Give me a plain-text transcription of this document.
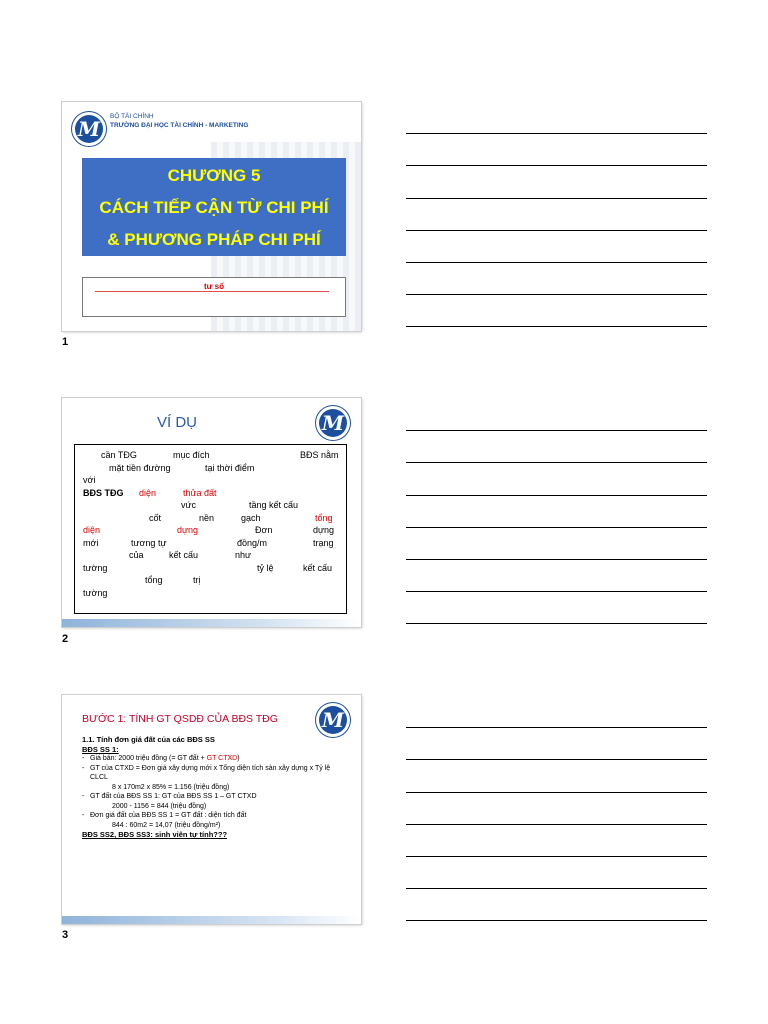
M
BỘ TÀI CHÍNH
TRƯỜNG ĐẠI HỌC TÀI CHÍNH - MARKETING
CHƯƠNG 5
CÁCH TIẾP CẬN TỪ CHI PHÍ
& PHƯƠNG PHÁP CHI PHÍ
tư số
1
VÍ DỤ	M
cần TĐG	mục đích	BĐS nằm
mặt tiền đường	tại thời điểm
với
BĐS TĐG diện	thửa đất
vức	tầng kết cấu
cốt	nền	gạch	tổng
diện	dựng	Đơn	dựng
mới	tương tự	đồng/m	trạng
của	kết cấu	như
tường	tỷ lệ	kết cấu
tổng	trị
tường
2
BƯỚC 1: TÍNH GT QSDĐ CỦA BĐS TĐG M
1.1. Tính đơn giá đất của các BĐS SS
BĐS SS 1:
- Giá bán: 2000 triệu đồng (= GT đất + GT CTXD)
- GT của CTXD = Đơn giá xây dựng mới x Tổng diện tích sàn xây dựng x Tỷ lệ CLCL
8 x 170m2 x 85% = 1.156 (triệu đồng)
- GT đất của BĐS SS 1: GT của BĐS SS 1 – GT CTXD
2000 - 1156 = 844 (triệu đồng)
- Đơn giá đất của BĐS SS 1 = GT đất : diện tích đất
844 : 60m2 = 14,07 (triệu đồng/m²)
BĐS SS2, BĐS SS3: sinh viên tự tính???
3
